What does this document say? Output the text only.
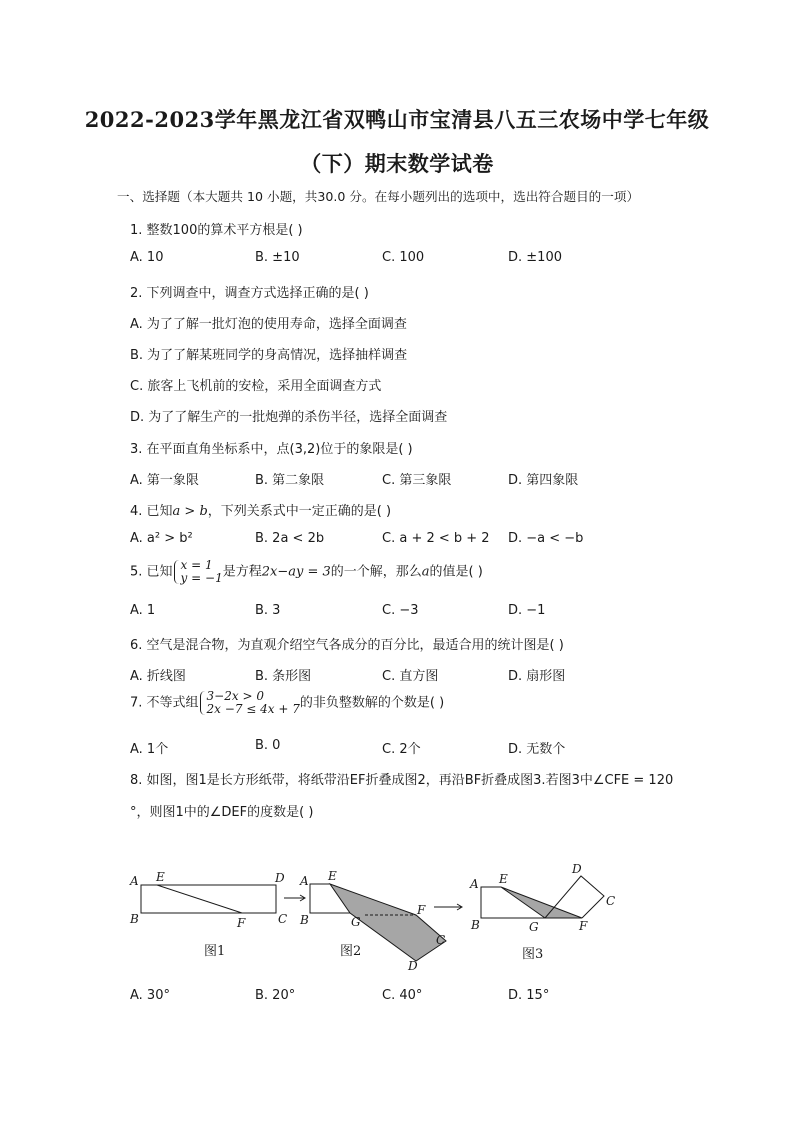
2022-2023学年黑龙江省双鸭山市宝清县八五三农场中学七年级
（下）期末数学试卷
一、选择题（本大题共 10 小题，共30.0 分。在每小题列出的选项中，选出符合题目的一项）
1. 整数100的算术平方根是( )
A. 10	B. ±10	C. 100	D. ±100
2. 下列调查中，调查方式选择正确的是( )
A. 为了了解一批灯泡的使用寿命，选择全面调查
B. 为了了解某班同学的身高情况，选择抽样调查
C. 旅客上飞机前的安检，采用全面调查方式
D. 为了了解生产的一批炮弹的杀伤半径，选择全面调查
3. 在平面直角坐标系中，点(3,2)位于的象限是( )
A. 第一象限	B. 第二象限	C. 第三象限	D. 第四象限
4. 已知a > b，下列关系式中一定正确的是( )
A. a² > b²	B. 2a < 2b	C. a + 2 < b + 2 D. −a < −b
5. 已知 x = 1
y = −1 是方程2x−ay = 3的一个解，那么a的值是( )
A. 1	B. 3	C. −3	D. −1
6. 空气是混合物，为直观介绍空气各成分的百分比，最适合用的统计图是( )
A. 折线图	B. 条形图	C. 直方图	D. 扇形图
7. 不等式组 3−2x > 0
2x −7 ≤ 4x + 7 的非负整数解的个数是( )
A. 1个	B. 0	C. 2个	D. 无数个
8. 如图，图1是长方形纸带，将纸带沿EF折叠成图2，再沿BF折叠成图3.若图3中∠CFE = 120
°，则图1中的∠DEF的度数是( )
A E	D
B	F	C
图1
A E
B	G
F
C
D
图2
A E
D
C
B	G	F
图3
A. 30°	B. 20°	C. 40°	D. 15°
